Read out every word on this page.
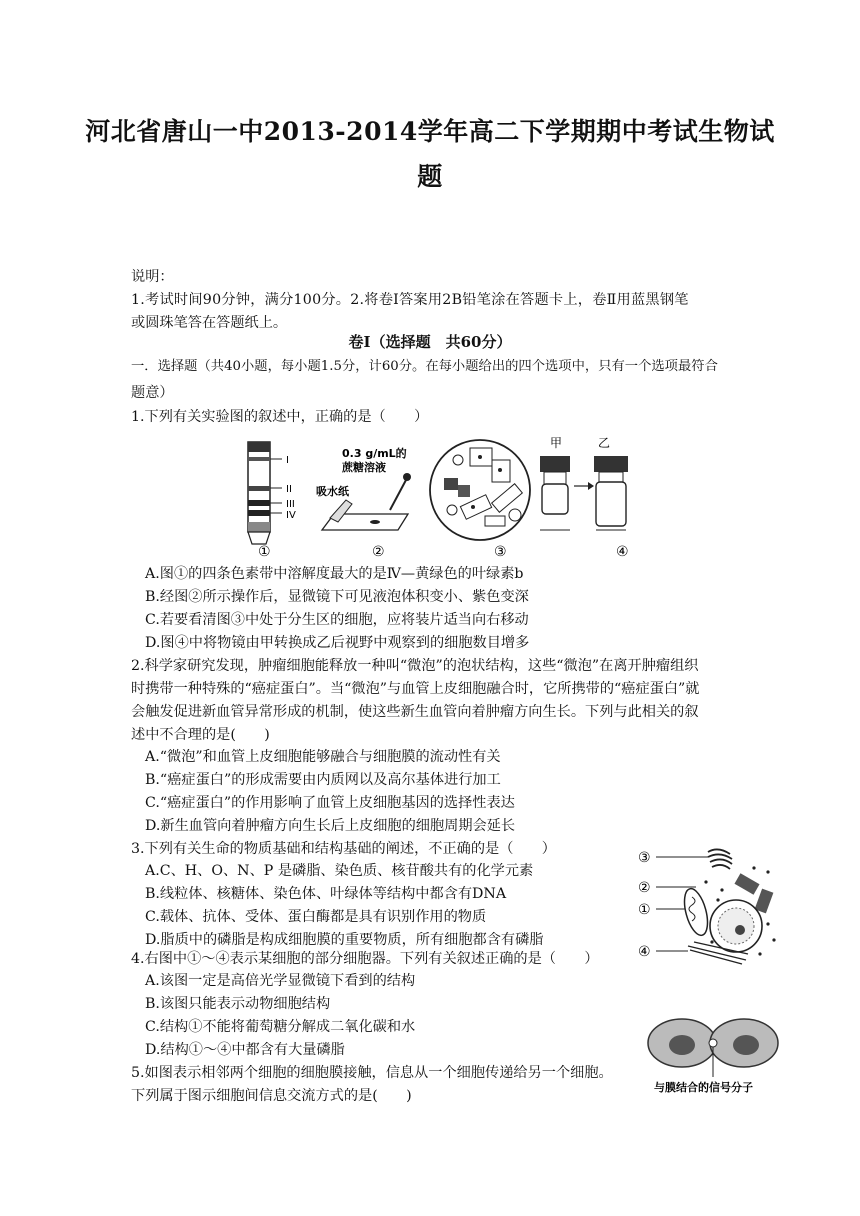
河北省唐山一中2013-2014学年高二下学期期中考试生物试
题
说明：
1.考试时间90分钟，满分100分。2.将卷Ⅰ答案用2B铅笔涂在答题卡上，卷Ⅱ用蓝黑钢笔
或圆珠笔答在答题纸上。
卷Ⅰ（选择题　共60分）
一．选择题（共40小题，每小题1.5分，计60分。在每小题给出的四个选项中，只有一个选项最符合
题意）
1.下列有关实验图的叙述中，正确的是（　　）
I
II
III
IV
0.3 g/mL的
蔗糖溶液
吸水纸
甲	乙
①	②	③	④
A.图①的四条色素带中溶解度最大的是Ⅳ—黄绿色的叶绿素b
B.经图②所示操作后，显微镜下可见液泡体积变小、紫色变深
C.若要看清图③中处于分生区的细胞，应将装片适当向右移动
D.图④中将物镜由甲转换成乙后视野中观察到的细胞数目增多
2.科学家研究发现，肿瘤细胞能释放一种叫“微泡”的泡状结构，这些“微泡”在离开肿瘤组织
时携带一种特殊的“癌症蛋白”。当“微泡”与血管上皮细胞融合时，它所携带的“癌症蛋白”就
会触发促进新血管异常形成的机制，使这些新生血管向着肿瘤方向生长。下列与此相关的叙
述中不合理的是(　　)
A.“微泡”和血管上皮细胞能够融合与细胞膜的流动性有关
B.“癌症蛋白”的形成需要由内质网以及高尔基体进行加工
C.“癌症蛋白”的作用影响了血管上皮细胞基因的选择性表达
D.新生血管向着肿瘤方向生长后上皮细胞的细胞周期会延长
3.下列有关生命的物质基础和结构基础的阐述，不正确的是（　　）
A.C、H、O、N、P 是磷脂、染色质、核苷酸共有的化学元素
B.线粒体、核糖体、染色体、叶绿体等结构中都含有DNA
C.载体、抗体、受体、蛋白酶都是具有识别作用的物质
D.脂质中的磷脂是构成细胞膜的重要物质，所有细胞都含有磷脂
③
②
①
④
4.右图中①～④表示某细胞的部分细胞器。下列有关叙述正确的是（　　）
A.该图一定是高倍光学显微镜下看到的结构
B.该图只能表示动物细胞结构
C.结构①不能将葡萄糖分解成二氧化碳和水
D.结构①～④中都含有大量磷脂
与膜结合的信号分子
5.如图表示相邻两个细胞的细胞膜接触，信息从一个细胞传递给另一个细胞。
下列属于图示细胞间信息交流方式的是(　　)
